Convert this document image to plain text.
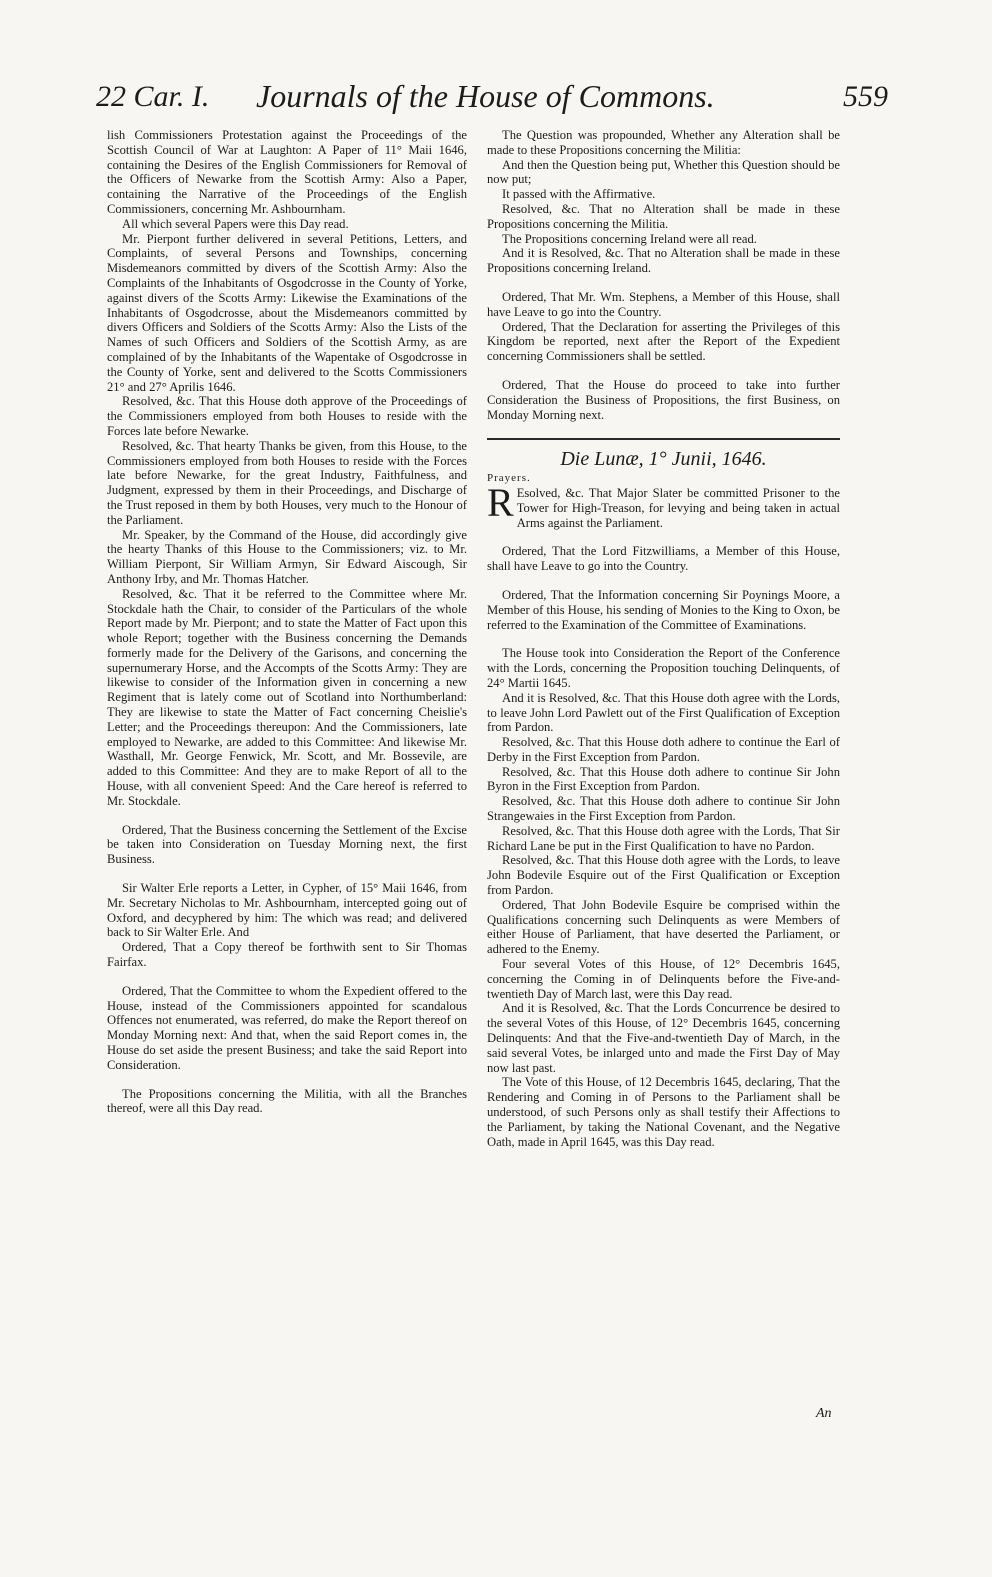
22 Car. I. Journals of the House of Commons.	559

lish Commissioners Protestation against the Proceedings of the Scottish Council of War at Laughton: A Paper of 11° Maii 1646, containing the Desires of the English Commissioners for Removal of the Officers of Newarke from the Scottish Army: Also a Paper, containing the Narrative of the Proceedings of the English Commissioners, concerning Mr. Ashbournham.

All which several Papers were this Day read.

Mr. Pierpont further delivered in several Petitions, Letters, and Complaints, of several Persons and Townships, concerning Misdemeanors committed by divers of the Scottish Army: Also the Complaints of the Inhabitants of Osgodcrosse in the County of Yorke, against divers of the Scotts Army: Likewise the Examinations of the Inhabitants of Osgodcrosse, about the Misdemeanors committed by divers Officers and Soldiers of the Scotts Army: Also the Lists of the Names of such Officers and Soldiers of the Scottish Army, as are complained of by the Inhabitants of the Wapentake of Osgodcrosse in the County of Yorke, sent and delivered to the Scotts Commissioners 21° and 27° Aprilis 1646.

Resolved, &c. That this House doth approve of the Proceedings of the Commissioners employed from both Houses to reside with the Forces late before Newarke.

Resolved, &c. That hearty Thanks be given, from this House, to the Commissioners employed from both Houses to reside with the Forces late before Newarke, for the great Industry, Faithfulness, and Judgment, expressed by them in their Proceedings, and Discharge of the Trust reposed in them by both Houses, very much to the Honour of the Parliament.

Mr. Speaker, by the Command of the House, did accordingly give the hearty Thanks of this House to the Commissioners; viz. to Mr. William Pierpont, Sir William Armyn, Sir Edward Aiscough, Sir Anthony Irby, and Mr. Thomas Hatcher.

Resolved, &c. That it be referred to the Committee where Mr. Stockdale hath the Chair, to consider of the Particulars of the whole Report made by Mr. Pierpont; and to state the Matter of Fact upon this whole Report; together with the Business concerning the Demands formerly made for the Delivery of the Garisons, and concerning the supernumerary Horse, and the Accompts of the Scotts Army: They are likewise to consider of the Information given in concerning a new Regiment that is lately come out of Scotland into Northumberland: They are likewise to state the Matter of Fact concerning Cheislie's Letter; and the Proceedings thereupon: And the Commissioners, late employed to Newarke, are added to this Committee: And likewise Mr. Wasthall, Mr. George Fenwick, Mr. Scott, and Mr. Bossevile, are added to this Committee: And they are to make Report of all to the House, with all convenient Speed: And the Care hereof is referred to Mr. Stockdale.

Ordered, That the Business concerning the Settlement of the Excise be taken into Consideration on Tuesday Morning next, the first Business.

Sir Walter Erle reports a Letter, in Cypher, of 15° Maii 1646, from Mr. Secretary Nicholas to Mr. Ashbournham, intercepted going out of Oxford, and decyphered by him: The which was read; and delivered back to Sir Walter Erle. And

Ordered, That a Copy thereof be forthwith sent to Sir Thomas Fairfax.

Ordered, That the Committee to whom the Expedient offered to the House, instead of the Commissioners appointed for scandalous Offences not enumerated, was referred, do make the Report thereof on Monday Morning next: And that, when the said Report comes in, the House do set aside the present Business; and take the said Report into Consideration.

The Propositions concerning the Militia, with all the Branches thereof, were all this Day read.

The Question was propounded, Whether any Alteration shall be made to these Propositions concerning the Militia:

And then the Question being put, Whether this Question should be now put;

It passed with the Affirmative.

Resolved, &c. That no Alteration shall be made in these Propositions concerning the Militia.

The Propositions concerning Ireland were all read.

And it is Resolved, &c. That no Alteration shall be made in these Propositions concerning Ireland.

Ordered, That Mr. Wm. Stephens, a Member of this House, shall have Leave to go into the Country.

Ordered, That the Declaration for asserting the Privileges of this Kingdom be reported, next after the Report of the Expedient concerning Commissioners shall be settled.

Ordered, That the House do proceed to take into further Consideration the Business of Propositions, the first Business, on Monday Morning next.

Die Lunæ, 1° Junii, 1646.

Prayers.

R Esolved, &c. That Major Slater be committed Prisoner to the Tower for High-Treason, for levying and being taken in actual Arms against the Parliament.

Ordered, That the Lord Fitzwilliams, a Member of this House, shall have Leave to go into the Country.

Ordered, That the Information concerning Sir Poynings Moore, a Member of this House, his sending of Monies to the King to Oxon, be referred to the Examination of the Committee of Examinations.

The House took into Consideration the Report of the Conference with the Lords, concerning the Proposition touching Delinquents, of 24° Martii 1645.

And it is Resolved, &c. That this House doth agree with the Lords, to leave John Lord Pawlett out of the First Qualification of Exception from Pardon.

Resolved, &c. That this House doth adhere to continue the Earl of Derby in the First Exception from Pardon.

Resolved, &c. That this House doth adhere to continue Sir John Byron in the First Exception from Pardon.

Resolved, &c. That this House doth adhere to continue Sir John Strangewaies in the First Exception from Pardon.

Resolved, &c. That this House doth agree with the Lords, That Sir Richard Lane be put in the First Qualification to have no Pardon.

Resolved, &c. That this House doth agree with the Lords, to leave John Bodevile Esquire out of the First Qualification or Exception from Pardon.

Ordered, That John Bodevile Esquire be comprised within the Qualifications concerning such Delinquents as were Members of either House of Parliament, that have deserted the Parliament, or adhered to the Enemy.

Four several Votes of this House, of 12° Decembris 1645, concerning the Coming in of Delinquents before the Five-and-twentieth Day of March last, were this Day read.

And it is Resolved, &c. That the Lords Concurrence be desired to the several Votes of this House, of 12° Decembris 1645, concerning Delinquents: And that the Five-and-twentieth Day of March, in the said several Votes, be inlarged unto and made the First Day of May now last past.

The Vote of this House, of 12 Decembris 1645, declaring, That the Rendering and Coming in of Persons to the Parliament shall be understood, of such Persons only as shall testify their Affections to the Parliament, by taking the National Covenant, and the Negative Oath, made in April 1645, was this Day read.

An
